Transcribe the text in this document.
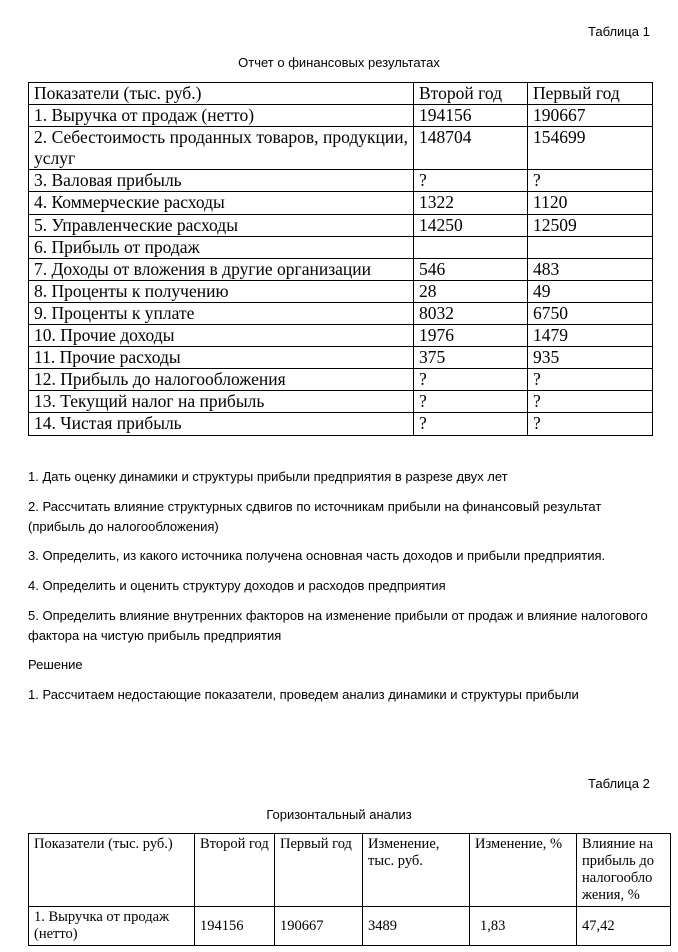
Таблица 1
Отчет о финансовых результатах
Показатели (тыс. руб.)	Второй год	Первый год
1. Выручка от продаж (нетто)	194156	190667
2. Себестоимость проданных товаров, продукции, услуг	148704	154699
3. Валовая прибыль	?	?
4. Коммерческие расходы	1322	1120
5. Управленческие расходы	14250	12509
6. Прибыль от продаж		
7. Доходы от вложения в другие организации	546	483
8. Проценты к получению	28	49
9. Проценты к уплате	8032	6750
10. Прочие доходы	1976	1479
11. Прочие расходы	375	935
12. Прибыль до налогообложения	?	?
13. Текущий налог на прибыль	?	?
14. Чистая прибыль	?	?
1. Дать оценку динамики и структуры прибыли предприятия в разрезе двух лет
2. Рассчитать влияние структурных сдвигов по источникам прибыли на финансовый результат (прибыль до налогообложения)
3. Определить, из какого источника получена основная часть доходов и прибыли предприятия.
4. Определить и оценить структуру доходов и расходов предприятия
5. Определить влияние внутренних факторов на изменение прибыли от продаж и влияние налогового фактора на чистую прибыль предприятия
Решение
1. Рассчитаем недостающие показатели, проведем анализ динамики и структуры прибыли
Таблица 2
Горизонтальный анализ
Показатели (тыс. руб.)	Второй год	Первый год	Изменение, тыс. руб.	Изменение, %	Влияние на прибыль до налогообло жения, %
1. Выручка от продаж (нетто)	194156	190667	3489	1,83	47,42
